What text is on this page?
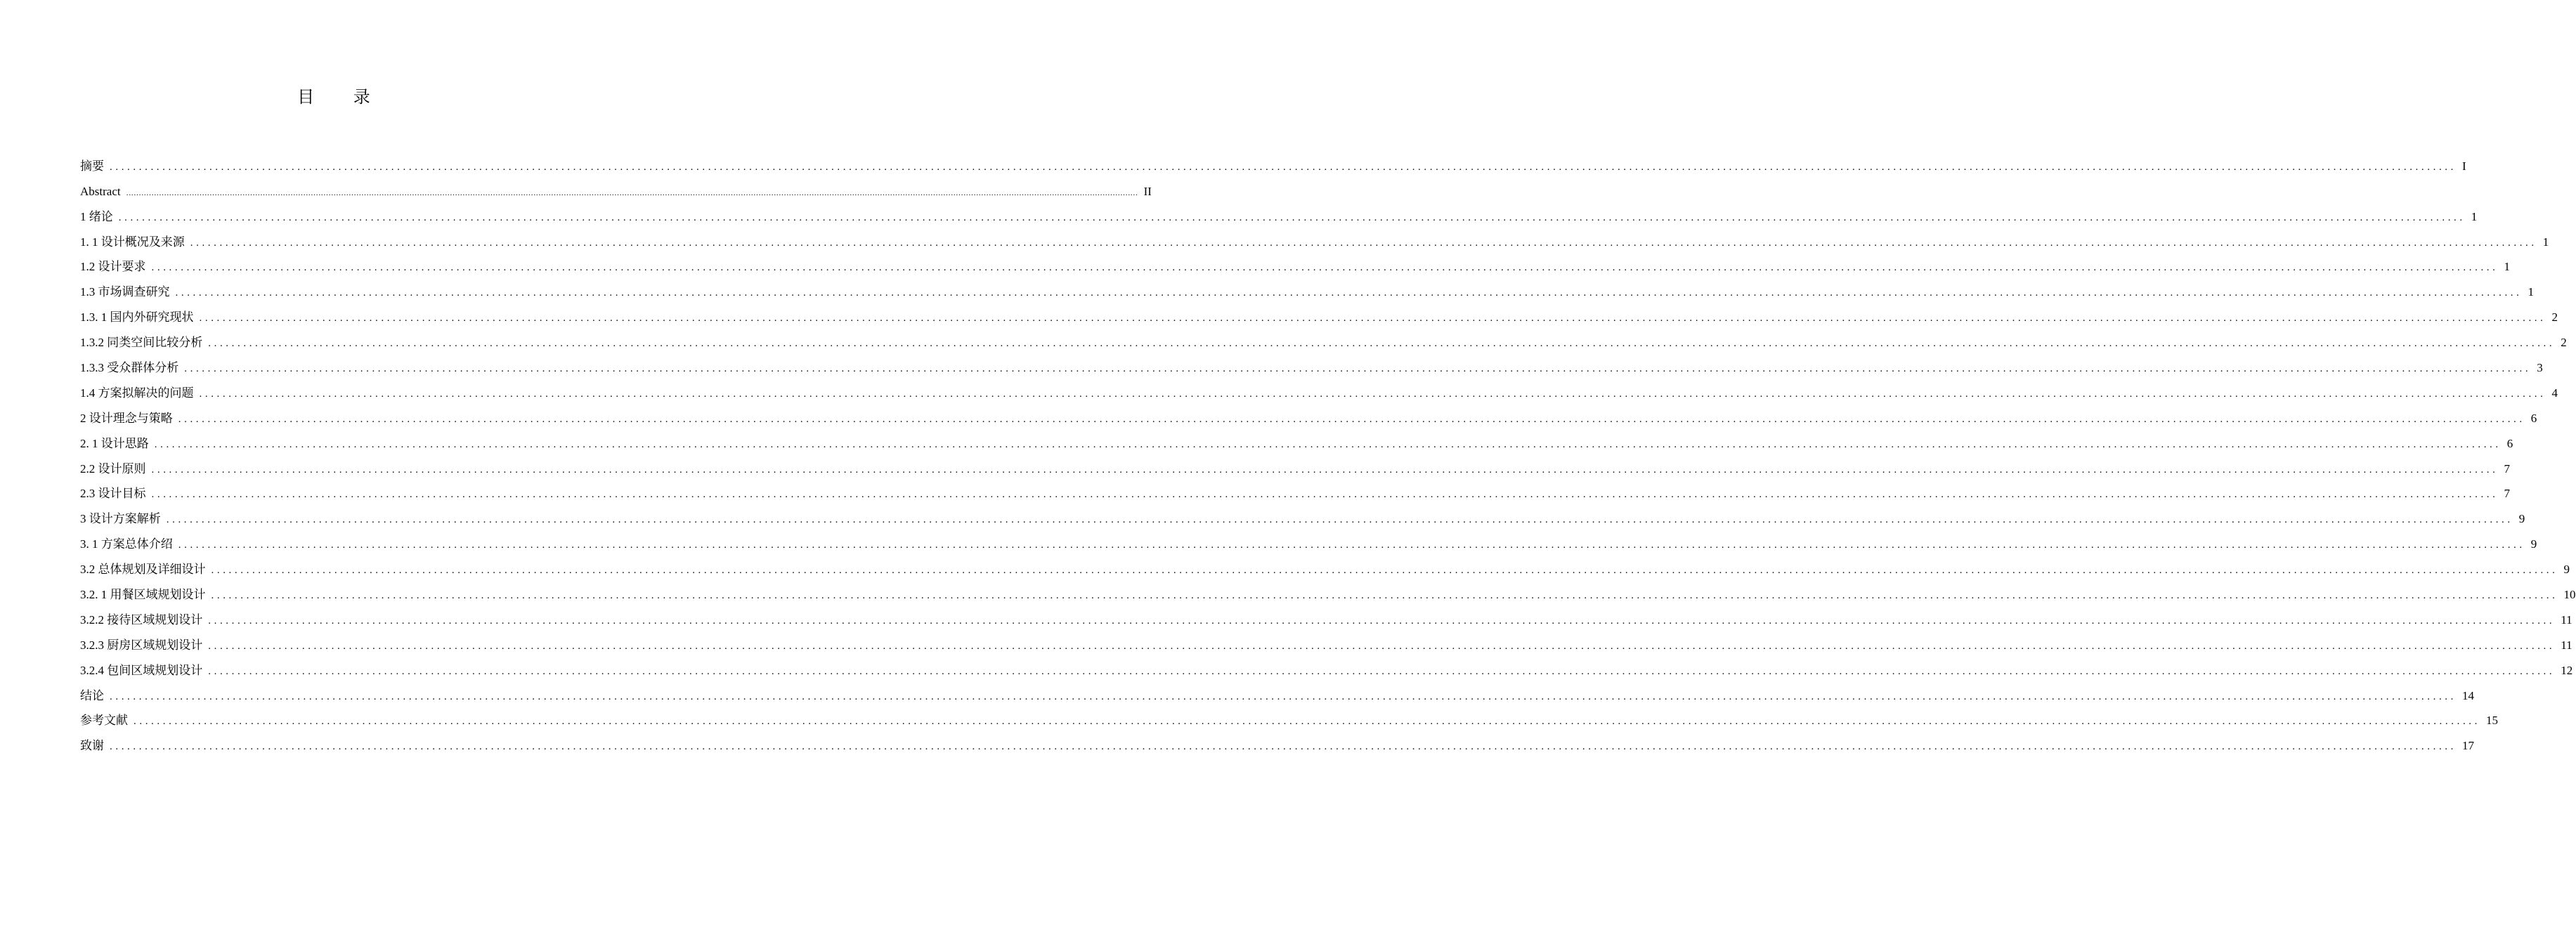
目 录
摘要 ................................................................................................................................................................................................................................................................................................................................................................................................................ I
Abstract ................................................................................................................................................................................................................................................................................................................................................................................................................ II
1 绪论 ................................................................................................................................................................................................................................................................................................................................................................................................................ 1
1. 1 设计概况及来源 ................................................................................................................................................................................................................................................................................................................................................................................................................ 1
1.2 设计要求 ................................................................................................................................................................................................................................................................................................................................................................................................................ 1
1.3 市场调查研究 ................................................................................................................................................................................................................................................................................................................................................................................................................ 1
1.3. 1 国内外研究现状 ................................................................................................................................................................................................................................................................................................................................................................................................................ 2
1.3.2 同类空间比较分析 ................................................................................................................................................................................................................................................................................................................................................................................................................ 2
1.3.3 受众群体分析 ................................................................................................................................................................................................................................................................................................................................................................................................................ 3
1.4 方案拟解决的问题 ................................................................................................................................................................................................................................................................................................................................................................................................................ 4
2 设计理念与策略 ................................................................................................................................................................................................................................................................................................................................................................................................................ 6
2. 1 设计思路 ................................................................................................................................................................................................................................................................................................................................................................................................................ 6
2.2 设计原则 ................................................................................................................................................................................................................................................................................................................................................................................................................ 7
2.3 设计目标 ................................................................................................................................................................................................................................................................................................................................................................................................................ 7
3 设计方案解析 ................................................................................................................................................................................................................................................................................................................................................................................................................ 9
3. 1 方案总体介绍 ................................................................................................................................................................................................................................................................................................................................................................................................................ 9
3.2 总体规划及详细设计 ................................................................................................................................................................................................................................................................................................................................................................................................................ 9
3.2. 1 用餐区域规划设计 ................................................................................................................................................................................................................................................................................................................................................................................................................ 10
3.2.2 接待区域规划设计 ................................................................................................................................................................................................................................................................................................................................................................................................................ 11
3.2.3 厨房区域规划设计 ................................................................................................................................................................................................................................................................................................................................................................................................................ 11
3.2.4 包间区域规划设计 ................................................................................................................................................................................................................................................................................................................................................................................................................ 12
结论 ................................................................................................................................................................................................................................................................................................................................................................................................................ 14
参考文献 ................................................................................................................................................................................................................................................................................................................................................................................................................ 15
致谢 ................................................................................................................................................................................................................................................................................................................................................................................................................ 17
